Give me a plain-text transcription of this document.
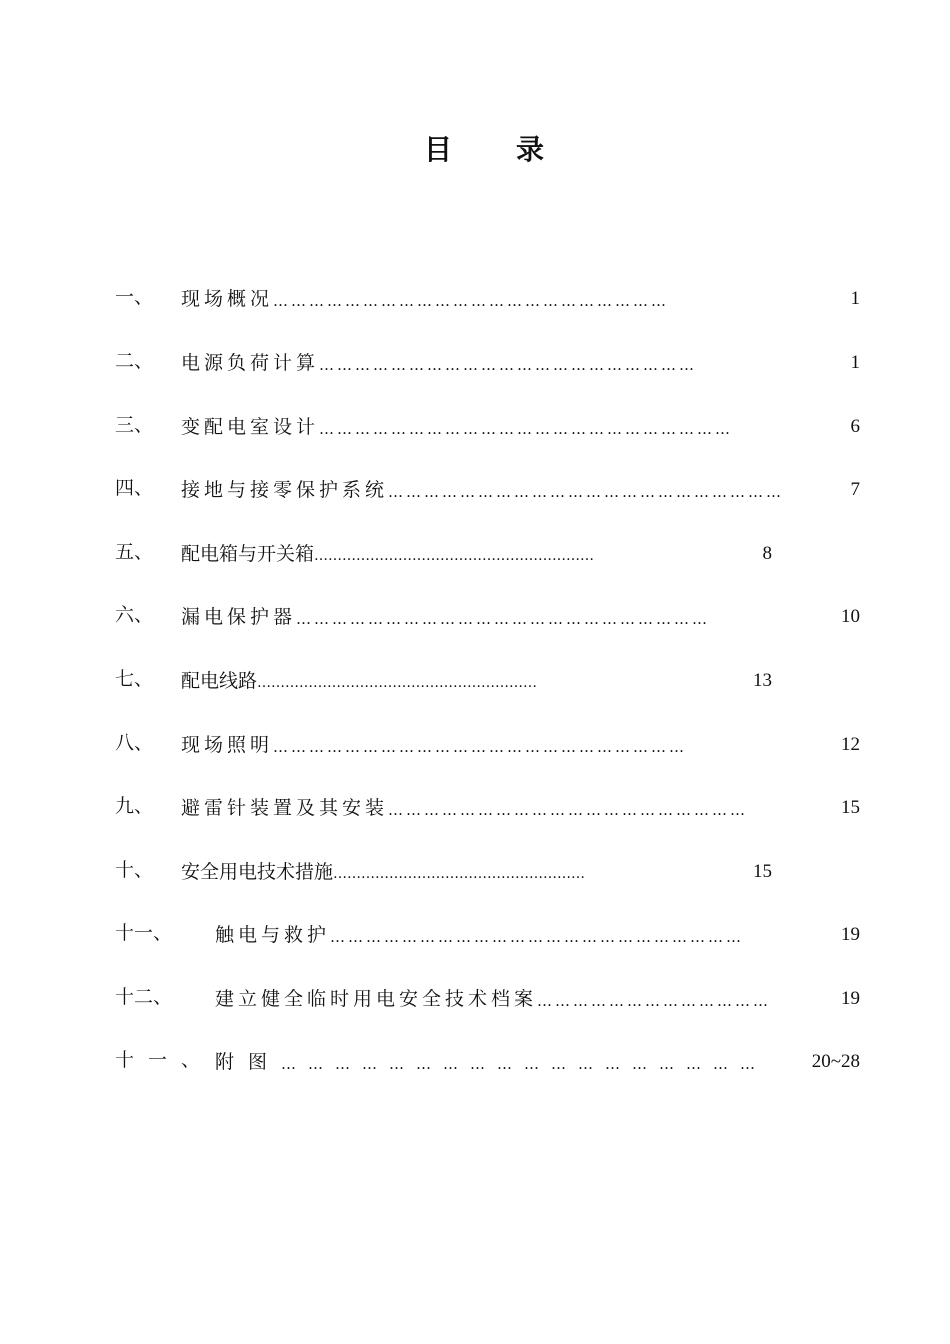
目 录
一、 现场概况 …………………………………………………………	1
二、 电源负荷计算 ………………………………………………………	1
三、 变配电室设计 ……………………………………………………………	6
四、 接地与接零保护系统 …………………………………………………………	7
五、 配电箱与开关箱 ……………………………………………………	8
六、 漏电保护器 ……………………………………………………………	10
七、 配电线路 ……………………………………………………	13
八、 现场照明 ……………………………………………………………	12
九、 避雷针装置及其安装 ……………………………………………………	15
十、 安全用电技术措施 ………………………………………………	15
十一、 触电与救护 ……………………………………………………………	19
十二、 建立健全临时用电安全技术档案 …………………………………	19
十一、 附图 ………………………………………………	20~28
